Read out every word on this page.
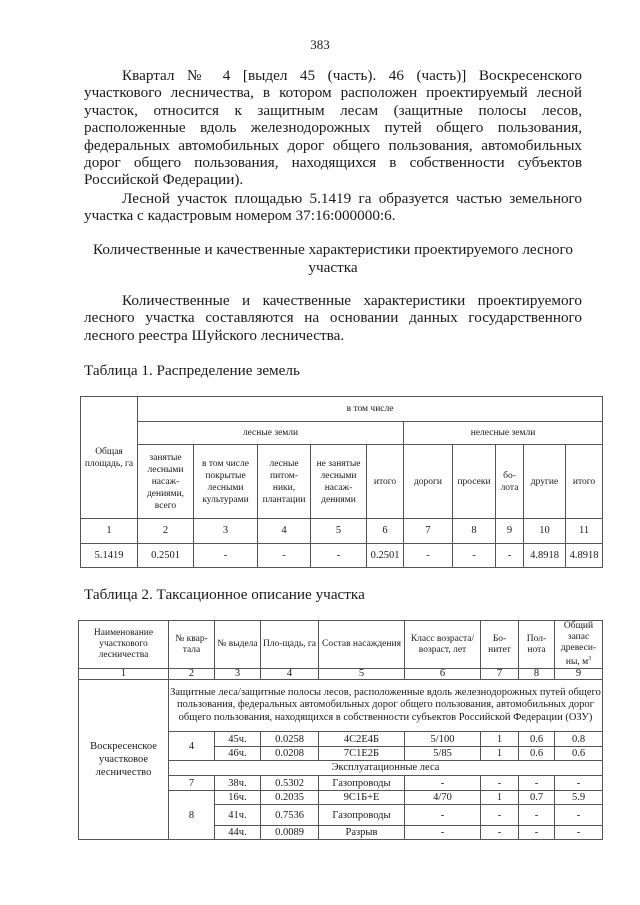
383

Квартал № 4 [выдел 45 (часть). 46 (часть)] Воскресенского участкового лесничества, в котором расположен проектируемый лесной участок, относится к защитным лесам (защитные полосы лесов, расположенные вдоль железнодорожных путей общего пользования, федеральных автомобильных дорог общего пользования, автомобильных дорог общего пользования, находящихся в собственности субъектов Российской Федерации).

Лесной участок площадью 5.1419 га образуется частью земельного участка с кадастровым номером 37:16:000000:6.

Количественные и качественные характеристики проектируемого лесного участка

Количественные и качественные характеристики проектируемого лесного участка составляются на основании данных государственного лесного реестра Шуйского лесничества.

Таблица 1. Распределение земель
Общая площадь, га	в том числе									
	лесные земли					нелесные земли				
	занятые лесными насаж-дениями, всего	в том числе покрытые лесными культурами	лесные питом-ники, плантации	не занятые лесными насаж-дениями	итого	дороги	просеки	бо-лота	другие	итого
1	2	3	4	5	6	7	8	9	10	11
5.1419	0.2501	-	-	-	0.2501	-	-	-	4.8918	4.8918
Таблица 2. Таксационное описание участка
Наименование участкового лесничества	№ квар-тала	№ выдела	Пло-щадь, га	Состав насаждения	Класс возраста/ возраст, лет	Бо-нитет	Пол-нота	Общий запас древеси-ны, $м^3$
1	2	3	4	5	6	7	8	9
Воскресенское участковое лесничество	Защитные леса/защитные полосы лесов, расположенные вдоль железнодорожных путей общего пользования, федеральных автомобильных дорог общего пользования, автомобильных дорог общего пользования, находящихся в собственности субъектов Российской Федерации (ОЗУ)							
	4	45ч.	0.0258	4С2Е4Б	5/100	1	0.6	0.8
		46ч.	0.0208	7С1Е2Б	5/85	1	0.6	0.6
	Эксплуатационные леса							
	7	38ч.	0.5302	Газопроводы	-	-	-	-
	8	16ч.	0.2035	9С1Б+Е	4/70	1	0.7	5.9
		41ч.	0.7536	Газопроводы	-	-	-	-
		44ч.	0.0089	Разрыв	-	-	-	-
